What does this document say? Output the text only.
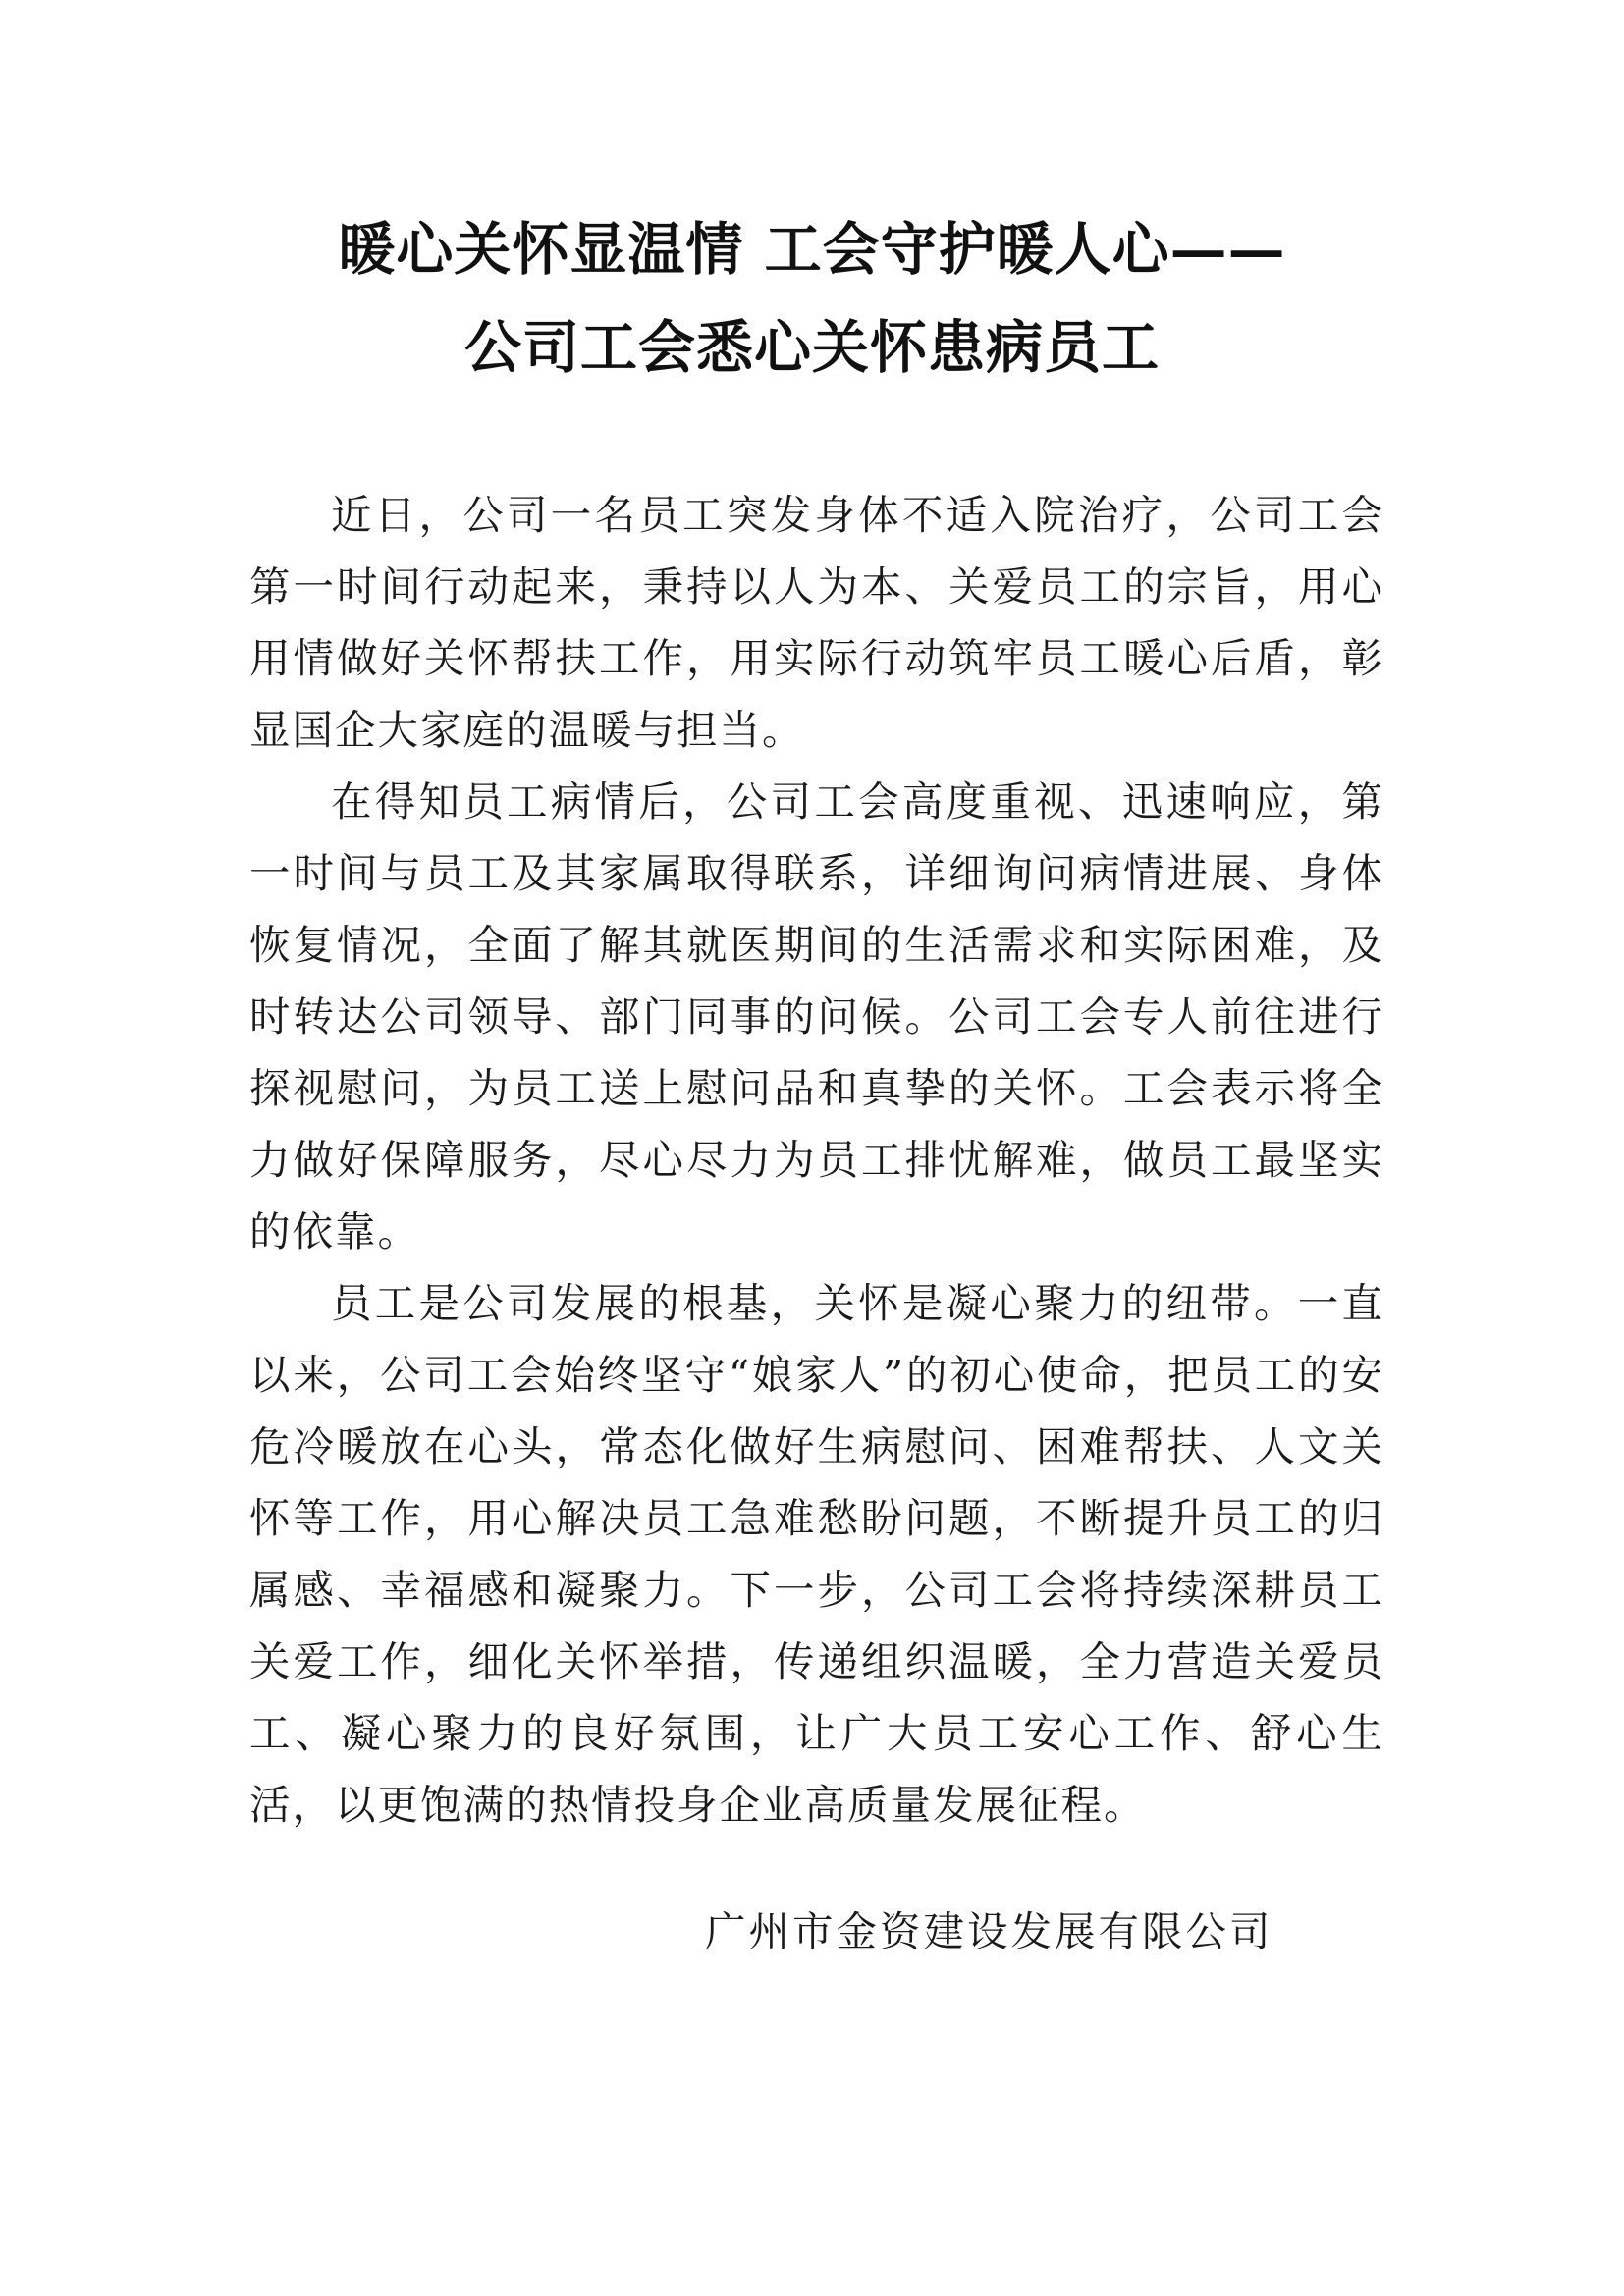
暖心关怀显温情 工会守护暖人心——
公司工会悉心关怀患病员工

近日，公司一名员工突发身体不适入院治疗，公司工会第一时间行动起来，秉持以人为本、关爱员工的宗旨，用心用情做好关怀帮扶工作，用实际行动筑牢员工暖心后盾，彰显国企大家庭的温暖与担当。

在得知员工病情后，公司工会高度重视、迅速响应，第一时间与员工及其家属取得联系，详细询问病情进展、身体恢复情况，全面了解其就医期间的生活需求和实际困难，及时转达公司领导、部门同事的问候。公司工会专人前往进行探视慰问，为员工送上慰问品和真挚的关怀。工会表示将全力做好保障服务，尽心尽力为员工排忧解难，做员工最坚实的依靠。

员工是公司发展的根基，关怀是凝心聚力的纽带。一直以来，公司工会始终坚守“娘家人”的初心使命，把员工的安危冷暖放在心头，常态化做好生病慰问、困难帮扶、人文关怀等工作，用心解决员工急难愁盼问题，不断提升员工的归属感、幸福感和凝聚力。下一步，公司工会将持续深耕员工关爱工作，细化关怀举措，传递组织温暖，全力营造关爱员工、凝心聚力的良好氛围，让广大员工安心工作、舒心生活，以更饱满的热情投身企业高质量发展征程。

广州市金资建设发展有限公司
